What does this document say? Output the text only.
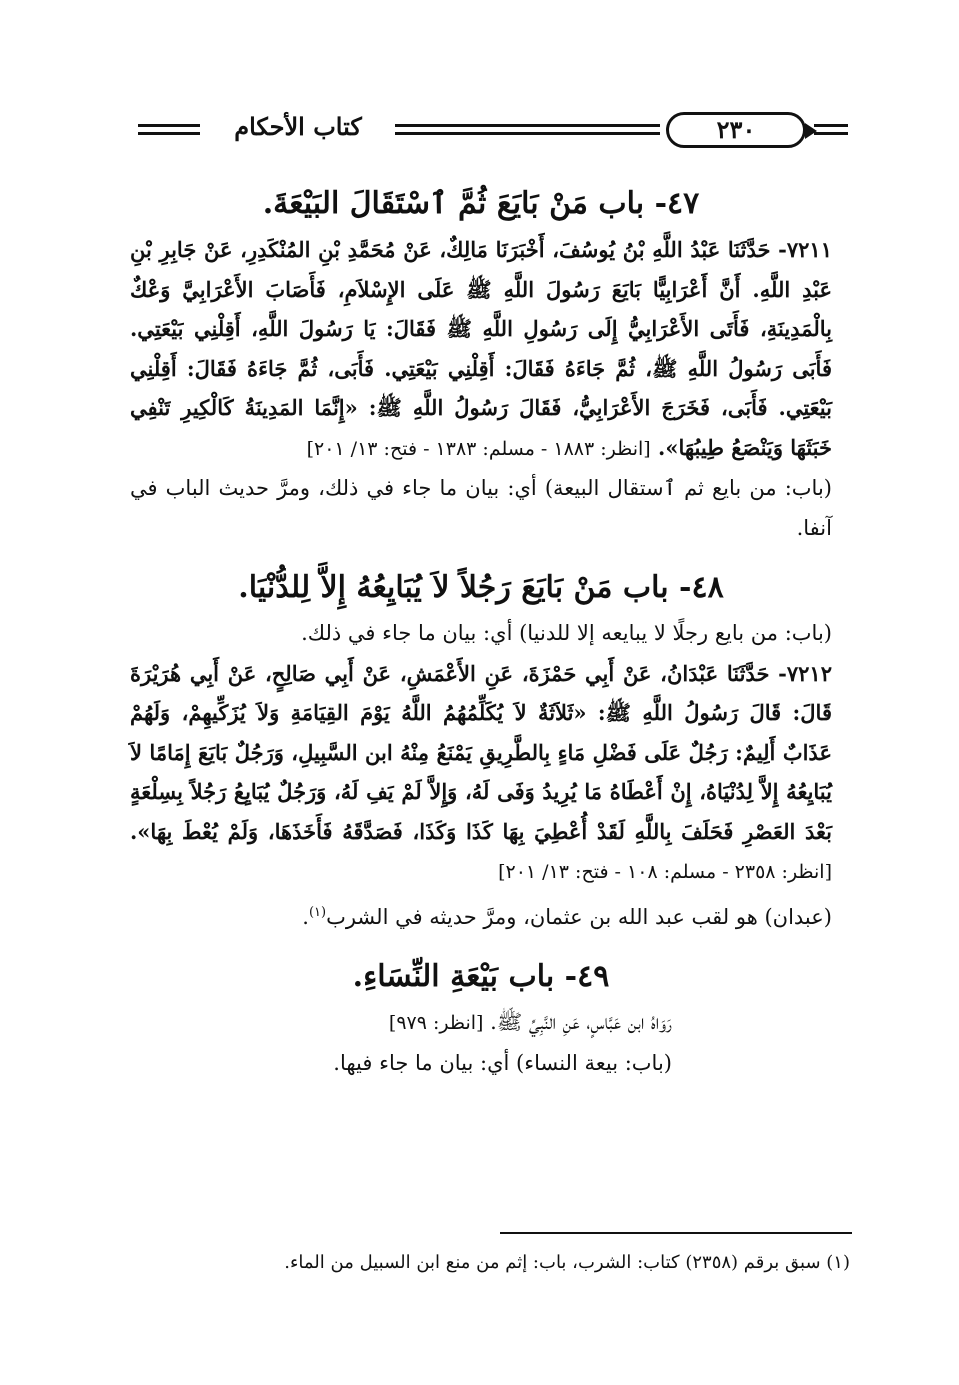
كتاب الأحكام	٢٣٠
٤٧- باب مَنْ بَايَعَ ثُمَّ ٱسْتَقَالَ البَيْعَةَ.

٧٢١١- حَدَّثَنَا عَبْدُ اللَّهِ بْنُ يُوسُفَ، أَخْبَرَنَا مَالِكٌ، عَنْ مُحَمَّدِ بْنِ المُنْكَدِرِ، عَنْ جَابِرِ بْنِ عَبْدِ اللَّهِ. أَنَّ أَعْرَابِيًّا بَايَعَ رَسُولَ اللَّهِ ﷺ عَلَى الإِسْلاَمِ، فَأَصَابَ الأَعْرَابِيَّ وَعْكٌ بِالْمَدِينَةِ، فَأَتَى الأَعْرَابِيُّ إِلَى رَسُولِ اللَّهِ ﷺ فَقَالَ: يَا رَسُولَ اللَّهِ، أَقِلْنِي بَيْعَتِي. فَأَبَى رَسُولُ اللَّهِ ﷺ، ثُمَّ جَاءَهُ فَقَالَ: أَقِلْنِي بَيْعَتِي. فَأَبَى، ثُمَّ جَاءَهُ فَقَالَ: أَقِلْنِي بَيْعَتِي. فَأَبَى، فَخَرَجَ الأَعْرَابِيُّ، فَقَالَ رَسُولُ اللَّهِ ﷺ: «إِنَّمَا المَدِينَةُ كَالْكِيرِ تَنْفِي خَبَثَهَا وَيَنْصَعُ طِيبُهَا». [انظر: ١٨٨٣ - مسلم: ١٣٨٣ - فتح: ١٣/ ٢٠١]

(باب: من بايع ثم ٱستقال البيعة) أي: بيان ما جاء في ذلك، ومرَّ حديث الباب في آنفا.

٤٨- باب مَنْ بَايَعَ رَجُلاً لاَ يُبَايِعُهُ إِلاَّ لِلدُّنْيَا.

(باب: من بايع رجلًا لا يبايعه إلا للدنيا) أي: بيان ما جاء في ذلك.

٧٢١٢- حَدَّثَنَا عَبْدَانُ، عَنْ أَبِي حَمْزَةَ، عَنِ الأَعْمَشِ، عَنْ أَبِي صَالِحٍ، عَنْ أَبِي هُرَيْرَةَ قَالَ: قَالَ رَسُولُ اللَّهِ ﷺ: «ثَلاَثَةٌ لاَ يُكَلِّمُهُمُ اللَّهُ يَوْمَ القِيَامَةِ وَلاَ يُزَكِّيهِمْ، وَلَهُمْ عَذَابٌ أَلِيمٌ: رَجُلٌ عَلَى فَضْلِ مَاءٍ بِالطَّرِيقِ يَمْنَعُ مِنْهُ ابن السَّبِيلِ، وَرَجُلٌ بَايَعَ إِمَامًا لاَ يُبَايِعُهُ إِلاَّ لِدُنْيَاهُ، إِنْ أَعْطَاهُ مَا يُرِيدُ وَفَى لَهُ، وَإِلاَّ لَمْ يَفِ لَهُ، وَرَجُلٌ يُبَايِعُ رَجُلاً بِسِلْعَةٍ بَعْدَ العَصْرِ فَحَلَفَ بِاللَّهِ لَقَدْ أُعْطِيَ بِهَا كَذَا وَكَذَا، فَصَدَّقَهُ فَأَخَذَهَا، وَلَمْ يُعْطَ بِهَا». [انظر: ٢٣٥٨ - مسلم: ١٠٨ - فتح: ١٣/ ٢٠١]

(عبدان) هو لقب عبد الله بن عثمان، ومرَّ حديثه في الشرب$^{(١)}$.

٤٩- باب بَيْعَةِ النِّسَاءِ.

رَوَاهُ ابن عَبَّاسٍ، عَنِ النَّبِيِّ ﷺ. [انظر: ٩٧٩]

(باب: بيعة النساء) أي: بيان ما جاء فيها.

(١) سبق برقم (٢٣٥٨) كتاب: الشرب، باب: إثم من منع ابن السبيل من الماء.
